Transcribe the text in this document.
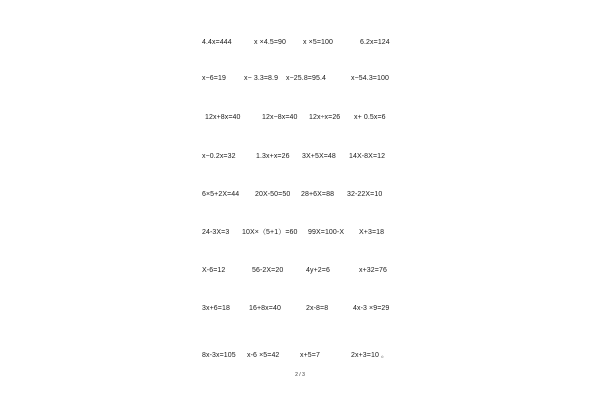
4.4x=444	x ×4.5=90 x ×5=100	6.2x=124
x−6=19	x− 3.3=8.9 x−25.8=95.4	x−54.3=100
12x+8x=40	12x−8x=40 12x÷x=26 x+ 0.5x=6
x−0.2x=32	1.3x+x=26 3X+5X=48 14X-8X=12
6×5+2X=44 20X-50=50 28+6X=88 32-22X=10
24-3X=3 10X×（5+1）=60 99X=100-X X+3=18
X-6=12	56-2X=20	4y+2=6	x+32=76
3x+6=18	16+8x=40	2x-8=8	4x-3 ×9=29
8x-3x=105 x-6 ×5=42	x+5=7	2x+3=10 。
2 / 3
